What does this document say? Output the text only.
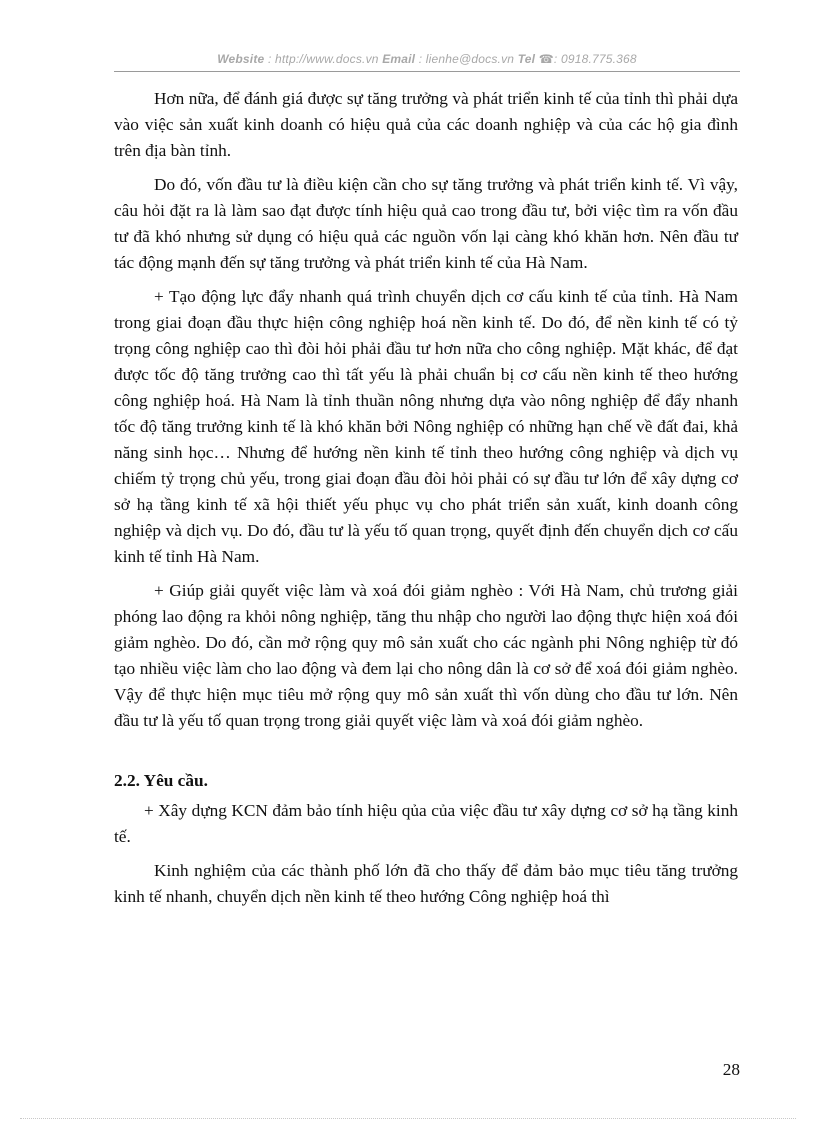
Website : http://www.docs.vn Email : lienhe@docs.vn Tel ☎: 0918.775.368

Hơn nữa, để đánh giá được sự tăng trưởng và phát triển kinh tế của tỉnh thì phải dựa vào việc sản xuất kinh doanh có hiệu quả của các doanh nghiệp và của các hộ gia đình trên địa bàn tỉnh.

Do đó, vốn đầu tư là điều kiện cần cho sự tăng trưởng và phát triển kinh tế. Vì vậy, câu hỏi đặt ra là làm sao đạt được tính hiệu quả cao trong đầu tư, bởi việc tìm ra vốn đầu tư đã khó nhưng sử dụng có hiệu quả các nguồn vốn lại càng khó khăn hơn. Nên đầu tư tác động mạnh đến sự tăng trưởng và phát triển kinh tế của Hà Nam.

+ Tạo động lực đẩy nhanh quá trình chuyển dịch cơ cấu kinh tế của tỉnh. Hà Nam trong giai đoạn đầu thực hiện công nghiệp hoá nền kinh tế. Do đó, để nền kinh tế có tỷ trọng công nghiệp cao thì đòi hỏi phải đầu tư hơn nữa cho công nghiệp. Mặt khác, để đạt được tốc độ tăng trưởng cao thì tất yếu là phải chuẩn bị cơ cấu nền kinh tế theo hướng công nghiệp hoá. Hà Nam là tỉnh thuần nông nhưng dựa vào nông nghiệp để đẩy nhanh tốc độ tăng trưởng kinh tế là khó khăn bởi Nông nghiệp có những hạn chế về đất đai, khả năng sinh học… Nhưng để hướng nền kinh tế tỉnh theo hướng công nghiệp và dịch vụ chiếm tỷ trọng chủ yếu, trong giai đoạn đầu đòi hỏi phải có sự đầu tư lớn để xây dựng cơ sở hạ tầng kinh tế xã hội thiết yếu phục vụ cho phát triển sản xuất, kinh doanh công nghiệp và dịch vụ. Do đó, đầu tư là yếu tố quan trọng, quyết định đến chuyển dịch cơ cấu kinh tế tỉnh Hà Nam.

+ Giúp giải quyết việc làm và xoá đói giảm nghèo : Với Hà Nam, chủ trương giải phóng lao động ra khỏi nông nghiệp, tăng thu nhập cho người lao động thực hiện xoá đói giảm nghèo. Do đó, cần mở rộng quy mô sản xuất cho các ngành phi Nông nghiệp từ đó tạo nhiều việc làm cho lao động và đem lại cho nông dân là cơ sở để xoá đói giảm nghèo. Vậy để thực hiện mục tiêu mở rộng quy mô sản xuất thì vốn dùng cho đầu tư lớn. Nên đầu tư là yếu tố quan trọng trong giải quyết việc làm và xoá đói giảm nghèo.

2.2. Yêu cầu.

+ Xây dựng KCN đảm bảo tính hiệu qủa của việc đầu tư xây dựng cơ sở hạ tầng kinh tế.

Kinh nghiệm của các thành phố lớn đã cho thấy để đảm bảo mục tiêu tăng trưởng kinh tế nhanh, chuyển dịch nền kinh tế theo hướng Công nghiệp hoá thì

28
